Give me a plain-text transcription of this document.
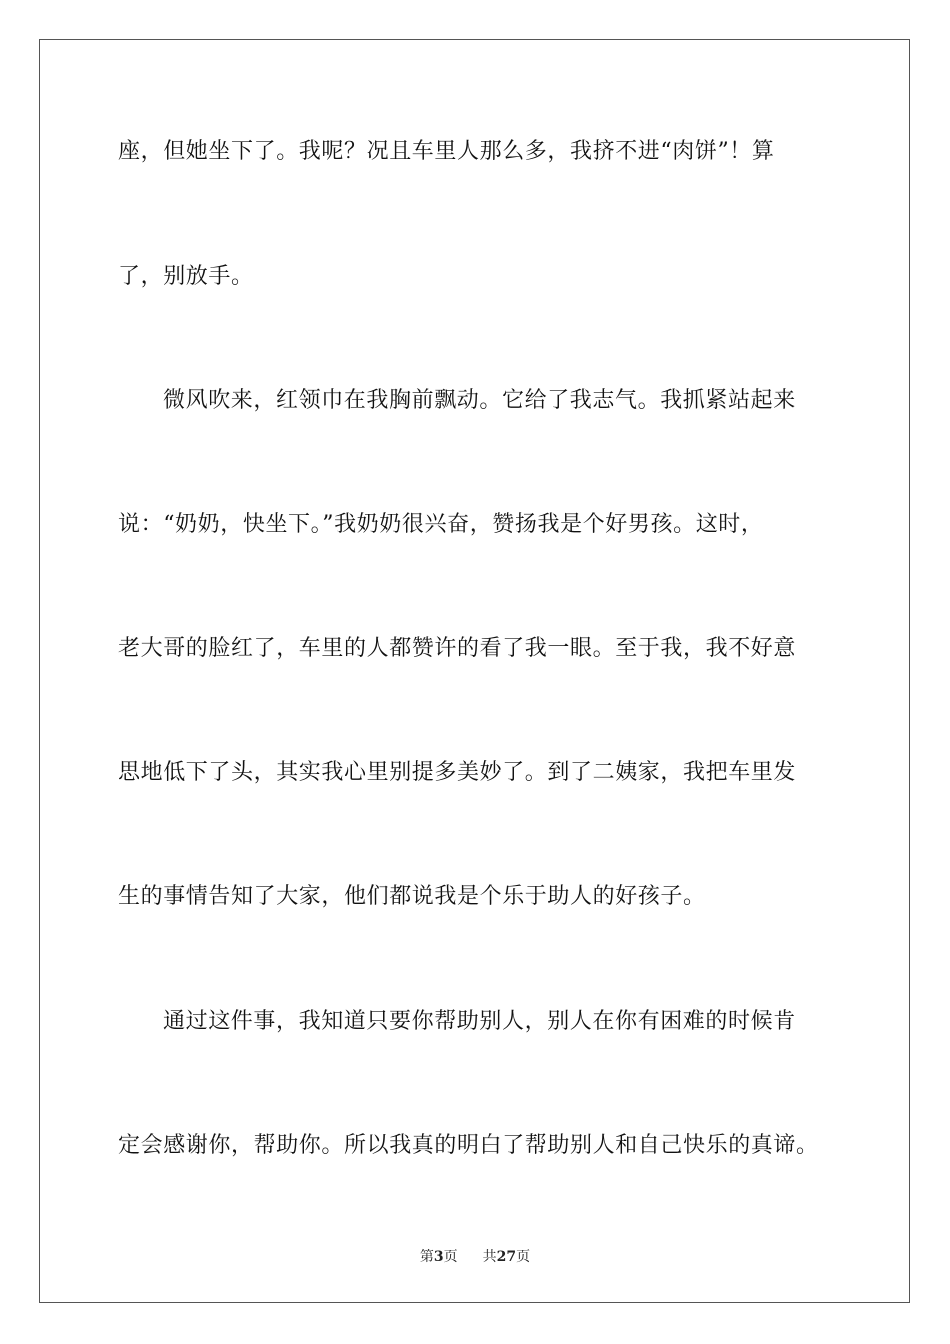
座，但她坐下了。我呢？况且车里人那么多，我挤不进“肉饼”！算
了，别放手。
微风吹来，红领巾在我胸前飘动。它给了我志气。我抓紧站起来
说：“奶奶，快坐下。”我奶奶很兴奋，赞扬我是个好男孩。这时，
老大哥的脸红了，车里的人都赞许的看了我一眼。至于我，我不好意
思地低下了头，其实我心里别提多美妙了。到了二姨家，我把车里发
生的事情告知了大家，他们都说我是个乐于助人的好孩子。
通过这件事，我知道只要你帮助别人，别人在你有困难的时候肯
定会感谢你，帮助你。所以我真的明白了帮助别人和自己快乐的真谛。
第3页 共27页
